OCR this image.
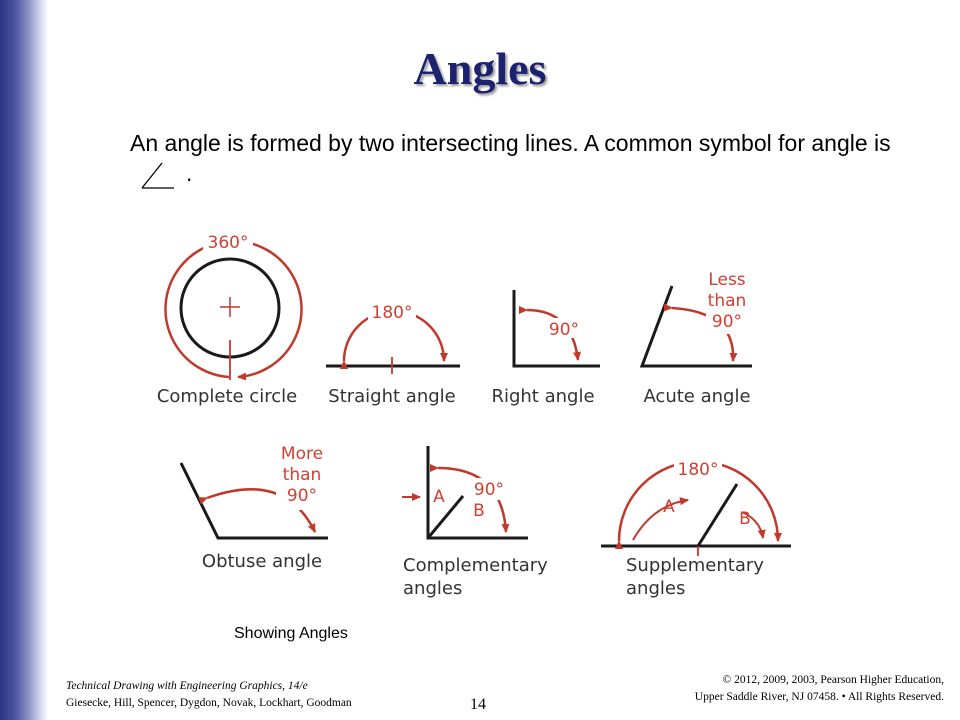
Angles
An angle is formed by two intersecting lines. A common symbol for angle is .
360°
Complete circle
180°
Straight angle
90°
Right angle
Less
than
90°
Acute angle
More
than
90°
Obtuse angle
90°
A
B
Complementary
angles
180°
A
B
Supplementary
angles
Showing Angles
Technical Drawing with Engineering Graphics, 14/e
Giesecke, Hill, Spencer, Dygdon, Novak, Lockhart, Goodman	14
© 2012, 2009, 2003, Pearson Higher Education,
Upper Saddle River, NJ 07458. • All Rights Reserved.
